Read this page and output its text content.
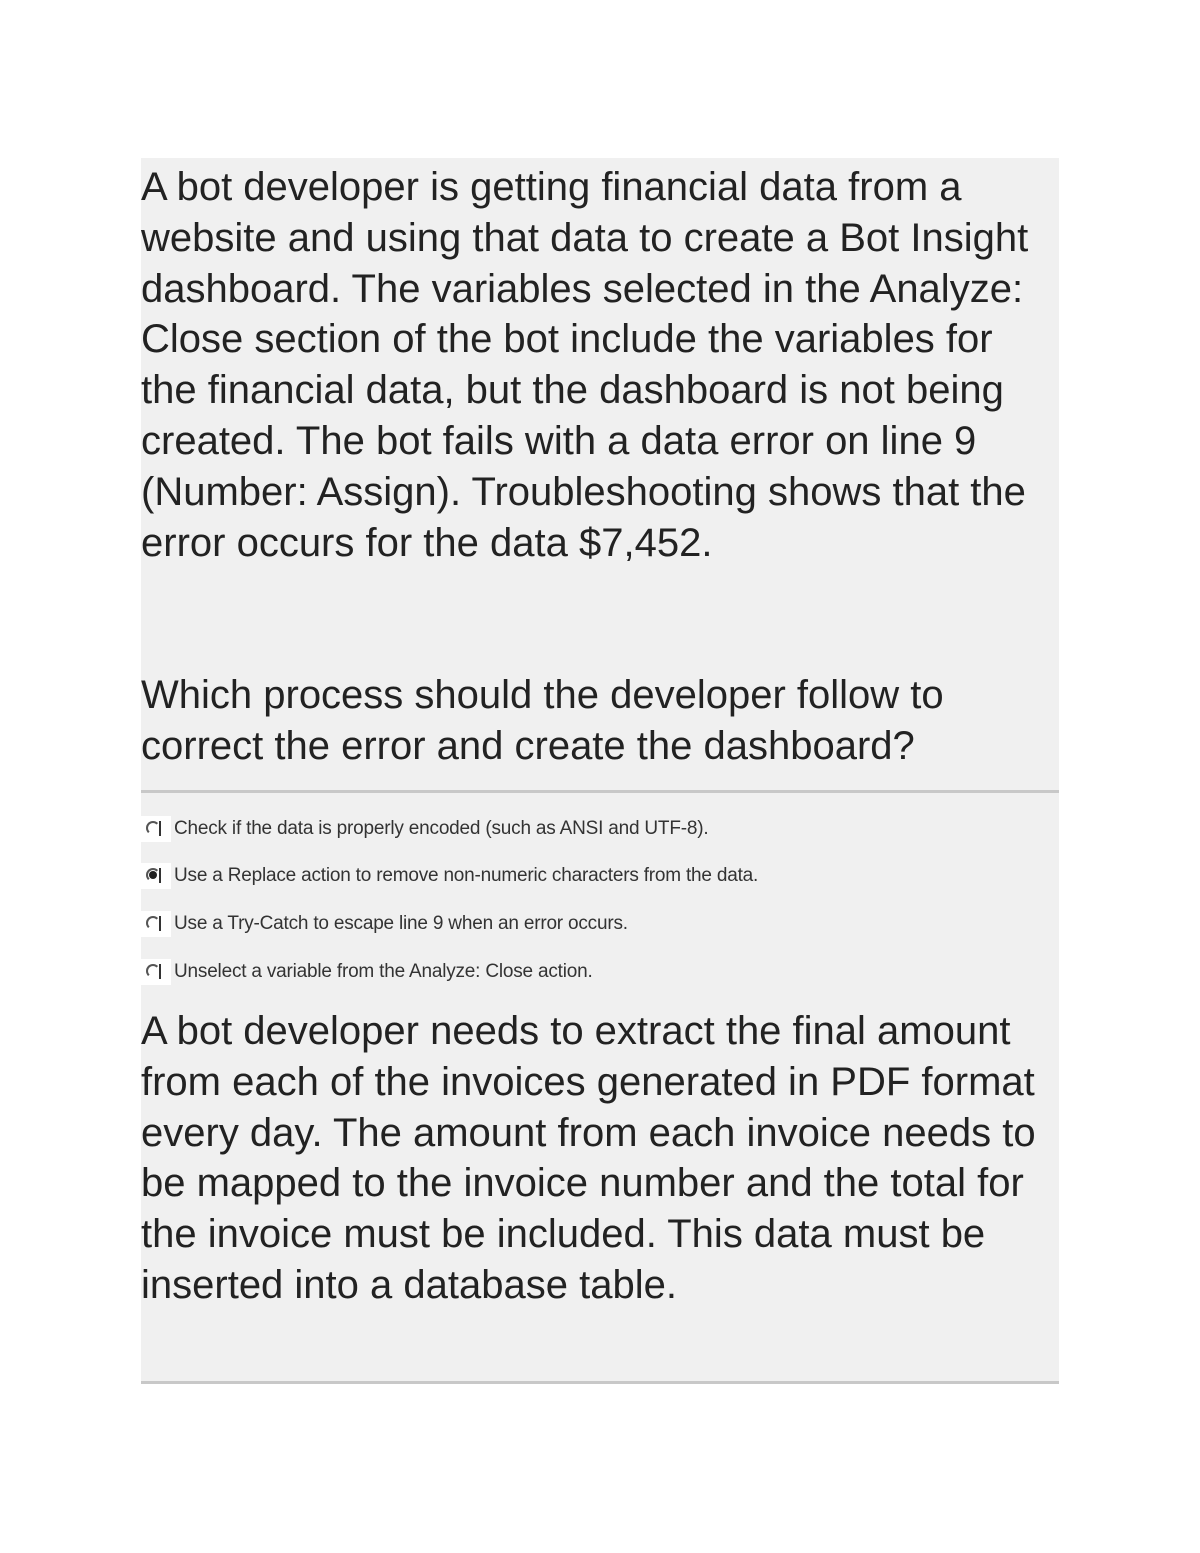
A bot developer is getting financial data from a website and using that data to create a Bot Insight dashboard. The variables selected in the Analyze: Close section of the bot include the variables for the financial data, but the dashboard is not being created. The bot fails with a data error on line 9 (Number: Assign). Troubleshooting shows that the error occurs for the data $7,452.

Which process should the developer follow to correct the error and create the dashboard?

Check if the data is properly encoded (such as ANSI and UTF-8).
Use a Replace action to remove non-numeric characters from the data.
Use a Try-Catch to escape line 9 when an error occurs.
Unselect a variable from the Analyze: Close action.

A bot developer needs to extract the final amount from each of the invoices generated in PDF format every day. The amount from each invoice needs to be mapped to the invoice number and the total for the invoice must be included. This data must be inserted into a database table.
